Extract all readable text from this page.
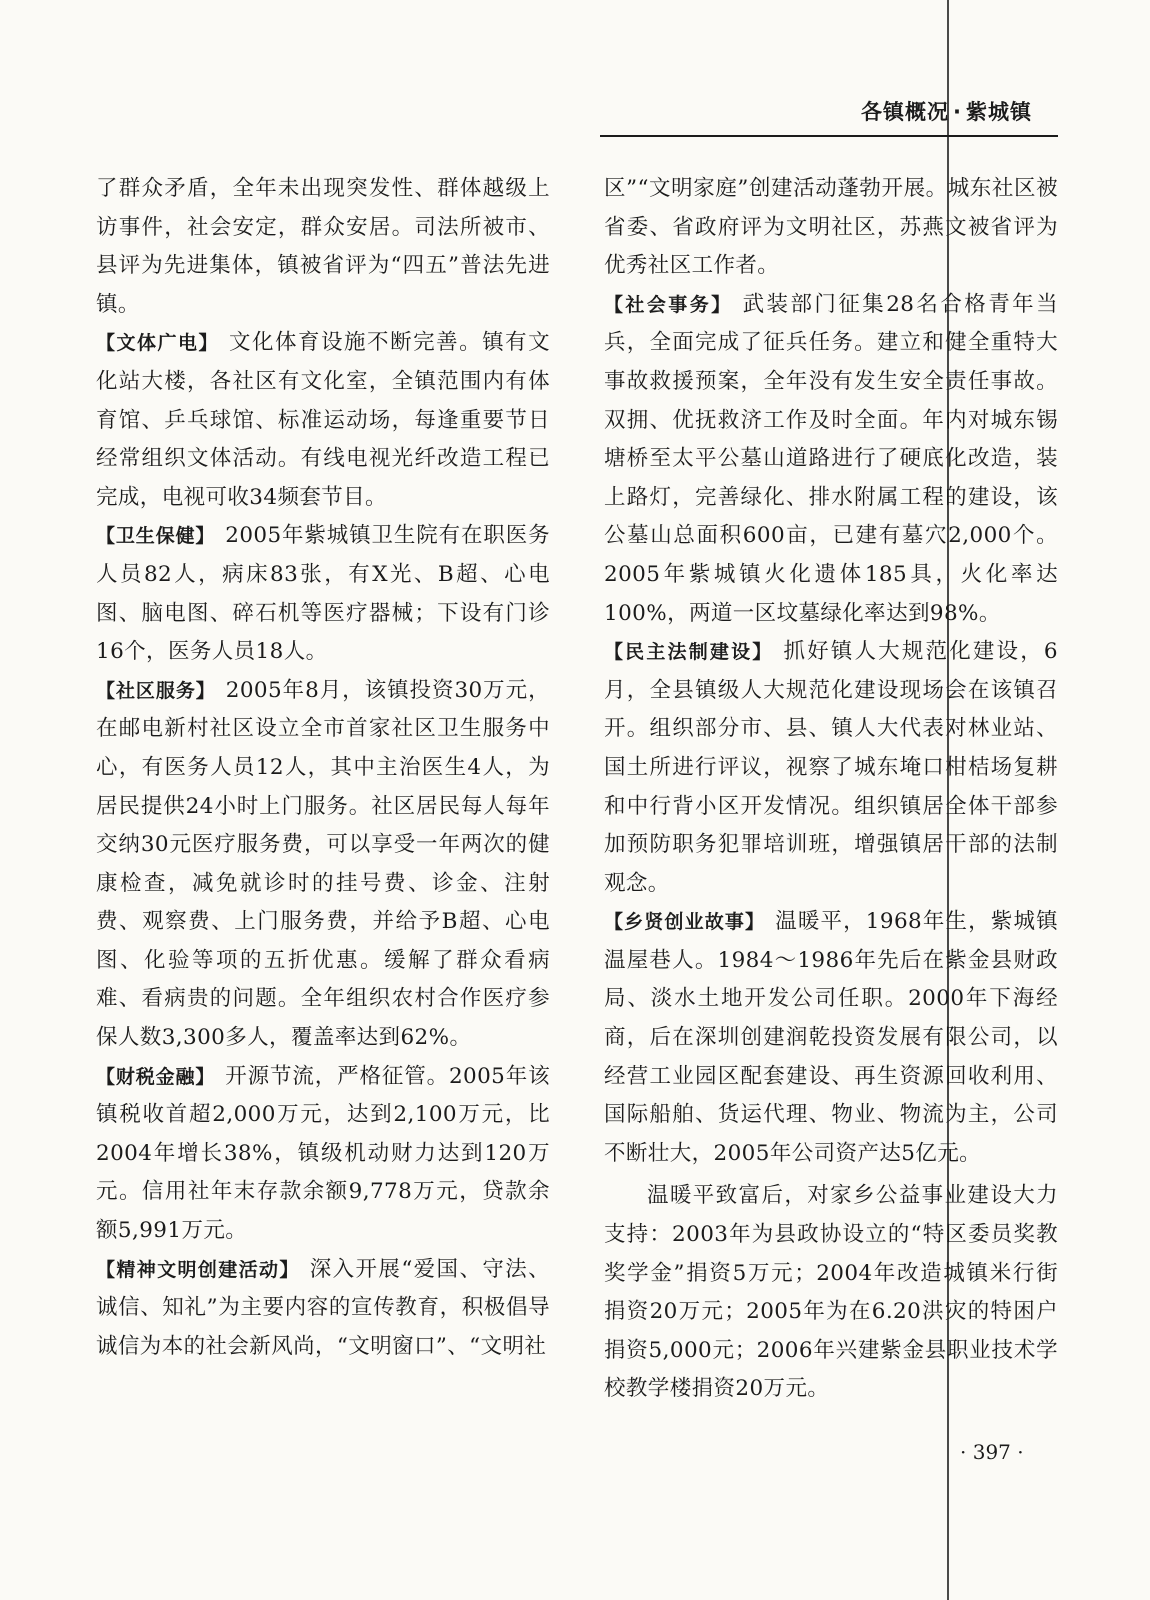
各镇概况 · 紫城镇

了群众矛盾，全年未出现突发性、群体越级上访事件，社会安定，群众安居。司法所被市、县评为先进集体，镇被省评为“四五”普法先进镇。

【文体广电】 文化体育设施不断完善。镇有文化站大楼，各社区有文化室，全镇范围内有体育馆、乒乓球馆、标准运动场，每逢重要节日经常组织文体活动。有线电视光纤改造工程已完成，电视可收34频套节目。

【卫生保健】 2005年紫城镇卫生院有在职医务人员82人，病床83张，有X光、B超、心电图、脑电图、碎石机等医疗器械；下设有门诊16个，医务人员18人。

【社区服务】 2005年8月，该镇投资30万元，在邮电新村社区设立全市首家社区卫生服务中心，有医务人员12人，其中主治医生4人，为居民提供24小时上门服务。社区居民每人每年交纳30元医疗服务费，可以享受一年两次的健康检查，减免就诊时的挂号费、诊金、注射费、观察费、上门服务费，并给予B超、心电图、化验等项的五折优惠。缓解了群众看病难、看病贵的问题。全年组织农村合作医疗参保人数3,300多人，覆盖率达到62%。

【财税金融】 开源节流，严格征管。2005年该镇税收首超2,000万元，达到2,100万元，比2004年增长38%，镇级机动财力达到120万元。信用社年末存款余额9,778万元，贷款余额5,991万元。

【精神文明创建活动】 深入开展“爱国、守法、诚信、知礼”为主要内容的宣传教育，积极倡导诚信为本的社会新风尚，“文明窗口”、“文明社

区”“文明家庭”创建活动蓬勃开展。城东社区被省委、省政府评为文明社区，苏燕文被省评为优秀社区工作者。

【社会事务】 武装部门征集28名合格青年当兵，全面完成了征兵任务。建立和健全重特大事故救援预案，全年没有发生安全责任事故。双拥、优抚救济工作及时全面。年内对城东锡塘桥至太平公墓山道路进行了硬底化改造，装上路灯，完善绿化、排水附属工程的建设，该公墓山总面积600亩，已建有墓穴2,000个。2005年紫城镇火化遗体185具，火化率达100%，两道一区坟墓绿化率达到98%。

【民主法制建设】 抓好镇人大规范化建设，6月，全县镇级人大规范化建设现场会在该镇召开。组织部分市、县、镇人大代表对林业站、国土所进行评议，视察了城东埯口柑桔场复耕和中行背小区开发情况。组织镇居全体干部参加预防职务犯罪培训班，增强镇居干部的法制观念。

【乡贤创业故事】 温暖平，1968年生，紫城镇温屋巷人。1984～1986年先后在紫金县财政局、淡水土地开发公司任职。2000年下海经商，后在深圳创建润乾投资发展有限公司，以经营工业园区配套建设、再生资源回收利用、国际船舶、货运代理、物业、物流为主，公司不断壮大，2005年公司资产达5亿元。

温暖平致富后，对家乡公益事业建设大力支持：2003年为县政协设立的“特区委员奖教奖学金”捐资5万元；2004年改造城镇米行街捐资20万元；2005年为在6.20洪灾的特困户捐资5,000元；2006年兴建紫金县职业技术学校教学楼捐资20万元。

· 397 ·
